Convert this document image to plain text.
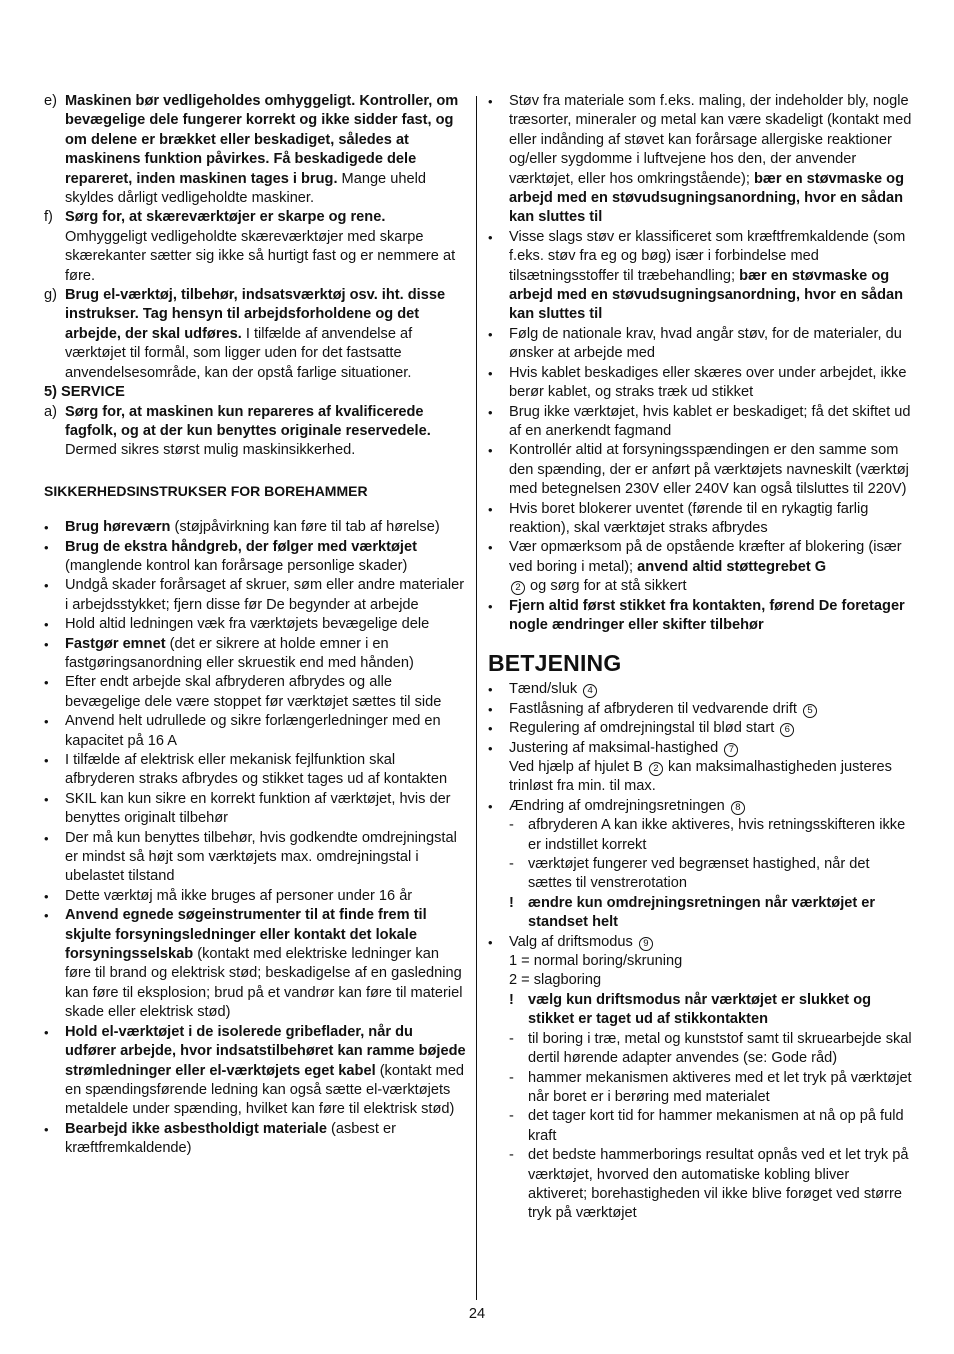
e) Maskinen bør vedligeholdes omhyggeligt. Kontroller, om bevægelige dele fungerer korrekt og ikke sidder fast, og om delene er brækket eller beskadiget, således at maskinens funktion påvirkes. Få beskadigede dele repareret, inden maskinen tages i brug. Mange uheld skyldes dårligt vedligeholdte maskiner.
f) Sørg for, at skæreværktøjer er skarpe og rene. Omhyggeligt vedligeholdte skæreværktøjer med skarpe skærekanter sætter sig ikke så hurtigt fast og er nemmere at føre.
g) Brug el-værktøj, tilbehør, indsatsværktøj osv. iht. disse instrukser. Tag hensyn til arbejdsforholdene og det arbejde, der skal udføres. I tilfælde af anvendelse af værktøjet til formål, som ligger uden for det fastsatte anvendelsesområde, kan der opstå farlige situationer.
5) SERVICE
a) Sørg for, at maskinen kun repareres af kvalificerede fagfolk, og at der kun benyttes originale reservedele. Dermed sikres størst mulig maskinsikkerhed.
SIKKERHEDSINSTRUKSER FOR BOREHAMMER
• Brug høreværn (støjpåvirkning kan føre til tab af hørelse)
• Brug de ekstra håndgreb, der følger med værktøjet (manglende kontrol kan forårsage personlige skader)
• Undgå skader forårsaget af skruer, søm eller andre materialer i arbejdsstykket; fjern disse før De begynder at arbejde
• Hold altid ledningen væk fra værktøjets bevægelige dele
• Fastgør emnet (det er sikrere at holde emner i en fastgøringsanordning eller skruestik end med hånden)
• Efter endt arbejde skal afbryderen afbrydes og alle bevægelige dele være stoppet før værktøjet sættes til side
• Anvend helt udrullede og sikre forlængerledninger med en kapacitet på 16 A
• I tilfælde af elektrisk eller mekanisk fejlfunktion skal afbryderen straks afbrydes og stikket tages ud af kontakten
• SKIL kan kun sikre en korrekt funktion af værktøjet, hvis der benyttes originalt tilbehør
• Der må kun benyttes tilbehør, hvis godkendte omdrejningstal er mindst så højt som værktøjets max. omdrejningstal i ubelastet tilstand
• Dette værktøj må ikke bruges af personer under 16 år
• Anvend egnede søgeinstrumenter til at finde frem til skjulte forsyningsledninger eller kontakt det lokale forsyningsselskab (kontakt med elektriske ledninger kan føre til brand og elektrisk stød; beskadigelse af en gasledning kan føre til eksplosion; brud på et vandrør kan føre til materiel skade eller elektrisk stød)
• Hold el-værktøjet i de isolerede gribeflader, når du udfører arbejde, hvor indsatstilbehøret kan ramme bøjede strømledninger eller el-værktøjets eget kabel (kontakt med en spændingsførende ledning kan også sætte el-værktøjets metaldele under spænding, hvilket kan føre til elektrisk stød)
• Bearbejd ikke asbestholdigt materiale (asbest er kræftfremkaldende)
• Støv fra materiale som f.eks. maling, der indeholder bly, nogle træsorter, mineraler og metal kan være skadeligt (kontakt med eller indånding af støvet kan forårsage allergiske reaktioner og/eller sygdomme i luftvejene hos den, der anvender værktøjet, eller hos omkringstående); bær en støvmaske og arbejd med en støvudsugningsanordning, hvor en sådan kan sluttes til
• Visse slags støv er klassificeret som kræftfremkaldende (som f.eks. støv fra eg og bøg) især i forbindelse med tilsætningsstoffer til træbehandling; bær en støvmaske og arbejd med en støvudsugningsanordning, hvor en sådan kan sluttes til
• Følg de nationale krav, hvad angår støv, for de materialer, du ønsker at arbejde med
• Hvis kablet beskadiges eller skæres over under arbejdet, ikke berør kablet, og straks træk ud stikket
• Brug ikke værktøjet, hvis kablet er beskadiget; få det skiftet ud af en anerkendt fagmand
• Kontrollér altid at forsyningsspændingen er den samme som den spænding, der er anført på værktøjets navneskilt (værktøj med betegnelsen 230V eller 240V kan også tilsluttes til 220V)
• Hvis boret blokerer uventet (førende til en rykagtig farlig reaktion), skal værktøjet straks afbrydes
• Vær opmærksom på de opstående kræfter af blokering (især ved boring i metal); anvend altid støttegrebet G
2 og sørg for at stå sikkert
• Fjern altid først stikket fra kontakten, førend De foretager nogle ændringer eller skifter tilbehør
BETJENING
• Tænd/sluk 4
• Fastlåsning af afbryderen til vedvarende drift 5
• Regulering af omdrejningstal til blød start 6
• Justering af maksimal-hastighed 7
Ved hjælp af hjulet B 2 kan maksimalhastigheden justeres trinløst fra min. til max.
• Ændring af omdrejningsretningen 8
- afbryderen A kan ikke aktiveres, hvis retningsskifteren ikke er indstillet korrekt
- værktøjet fungerer ved begrænset hastighed, når det sættes til venstrerotation
! ændre kun omdrejningsretningen når værktøjet er standset helt
• Valg af driftsmodus 9
1 = normal boring/skruning
2 = slagboring
! vælg kun driftsmodus når værktøjet er slukket og stikket er taget ud af stikkontakten
- til boring i træ, metal og kunststof samt til skruearbejde skal dertil hørende adapter anvendes (se: Gode råd)
- hammer mekanismen aktiveres med et let tryk på værktøjet når boret er i berøring med materialet
- det tager kort tid for hammer mekanismen at nå op på fuld kraft
- det bedste hammerborings resultat opnås ved et let tryk på værktøjet, hvorved den automatiske kobling bliver aktiveret; borehastigheden vil ikke blive forøget ved større tryk på værktøjet
24
